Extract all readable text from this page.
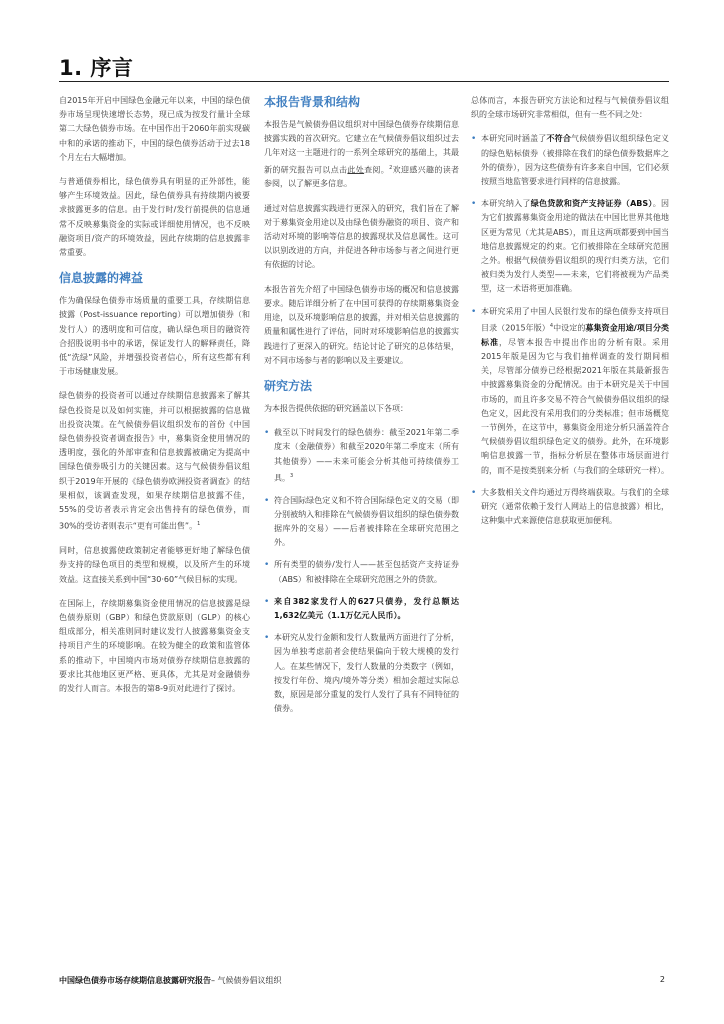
1. 序言

自2015年开启中国绿色金融元年以来，中国的绿色债券市场呈现快速增长态势，现已成为按发行量计全球第二大绿色债券市场。在中国作出于2060年前实现碳中和的承诺的推动下，中国的绿色债券活动于过去18个月左右大幅增加。

与普通债券相比，绿色债券具有明显的正外部性，能够产生环境效益。因此，绿色债券具有持续期内被要求披露更多的信息。由于发行时/发行前提供的信息通常不反映募集资金的实际或详细使用情况，也不反映融资项目/资产的环境效益，因此存续期的信息披露非常重要。

信息披露的裨益

作为确保绿色债券市场质量的重要工具，存续期信息披露（Post-issuance reporting）可以增加债券（和发行人）的透明度和可信度，确认绿色项目的融资符合招股说明书中的承诺，保证发行人的解释责任，降低“洗绿”风险，并增强投资者信心，所有这些都有利于市场健康发展。

绿色债券的投资者可以通过存续期信息披露来了解其绿色投资是以及如何实施，并可以根据披露的信息做出投资决策。在气候债券倡议组织发布的首份《中国绿色债券投资者调查报告》中，募集资金使用情况的透明度，强化的外部审查和信息披露被确定为提高中国绿色债券吸引力的关键因素。这与气候债券倡议组织于2019年开展的《绿色债券欧洲投资者调查》的结果相似，该调查发现，如果存续期信息披露不佳，55%的受访者表示肯定会出售持有的绿色债券，而30%的受访者则表示“更有可能出售”。$^1$

同时，信息披露使政策制定者能够更好地了解绿色债券支持的绿色项目的类型和规模，以及所产生的环境效益。这直接关系到中国“30·60”气候目标的实现。

在国际上，存续期募集资金使用情况的信息披露是绿色债券原则（GBP）和绿色贷款原则（GLP）的核心组成部分，相关准则同时建议发行人披露募集资金支持项目产生的环境影响。在较为健全的政策和监管体系的推动下，中国境内市场对债券存续期信息披露的要求比其他地区更严格、更具体，尤其是对金融债券的发行人而言。本报告的第8-9页对此进行了探讨。

本报告背景和结构

本报告是气候债券倡议组织对中国绿色债券存续期信息披露实践的首次研究。它建立在气候债券倡议组织过去几年对这一主题进行的一系列全球研究的基础上，其最新的研究报告可以点击此处查阅。$^2$欢迎感兴趣的读者参阅，以了解更多信息。

通过对信息披露实践进行更深入的研究，我们旨在了解对于募集资金用途以及由绿色债券融资的项目、资产和活动对环境的影响等信息的披露现状及信息属性。这可以识别改进的方向，并促进各种市场参与者之间进行更有依据的讨论。

本报告首先介绍了中国绿色债券市场的概况和信息披露要求。随后详细分析了在中国可获得的存续期募集资金用途，以及环境影响信息的披露，并对相关信息披露的质量和属性进行了评估，同时对环境影响信息的披露实践进行了更深入的研究。结论讨论了研究的总体结果，对不同市场参与者的影响以及主要建议。

研究方法

为本报告提供依据的研究涵盖以下各项：

• 截至以下时间发行的绿色债券：截至2021年第二季度末（金融债券）和截至2020年第二季度末（所有其他债券）——未来可能会分析其他可持续债券工具。$^3$
• 符合国际绿色定义和不符合国际绿色定义的交易（即分别被纳入和排除在气候债券倡议组织的绿色债券数据库外的交易）——后者被排除在全球研究范围之外。
• 所有类型的债券/发行人——甚至包括资产支持证券（ABS）和被排除在全球研究范围之外的贷款。
• 来自382家发行人的627只债券，发行总额达1,632亿美元（1.1万亿元人民币）。
• 本研究从发行金额和发行人数量两方面进行了分析，因为单独考虑前者会使结果偏向于较大规模的发行人。在某些情况下，发行人数量的分类数字（例如，按发行年份、境内/境外等分类）相加会超过实际总数，原因是部分重复的发行人发行了具有不同特征的债券。

总体而言，本报告研究方法论和过程与气候债券倡议组织的全球市场研究非常相似，但有一些不同之处：

• 本研究同时涵盖了不符合气候债券倡议组织绿色定义的绿色贴标债券（被排除在我们的绿色债券数据库之外的债券），因为这些债券有许多来自中国，它们必须按照当地监管要求进行同样的信息披露。
• 本研究纳入了绿色贷款和资产支持证券（ABS）。因为它们披露募集资金用途的做法在中国比世界其他地区更为常见（尤其是ABS），而且这两项都要到中国当地信息披露规定的约束。它们被排除在全球研究范围之外。根据气候债券倡议组织的现行归类方法，它们被归类为发行人类型——未来，它们将被视为产品类型，这一术语将更加准确。
• 本研究采用了中国人民银行发布的绿色债券支持项目目录（2015年版）$^4$中设定的募集资金用途/项目分类标准，尽管本报告中提出作出的分析有限。采用2015年版是因为它与我们抽样调查的发行期间相关，尽管部分债券已经根据2021年版在其最新报告中披露募集资金的分配情况。由于本研究是关于中国市场的，而且许多交易不符合气候债券倡议组织的绿色定义，因此没有采用我们的分类标准；但市场概览一节例外，在这节中，募集资金用途分析只涵盖符合气候债券倡议组织绿色定义的债券。此外，在环境影响信息披露一节，指标分析层在整体市场层面进行的，而不是按类别来分析（与我们的全球研究一样）。
• 大多数相关文件均通过万得终端获取。与我们的全球研究（通常依赖于发行人网站上的信息披露）相比，这种集中式来源使信息获取更加便利。
中国绿色债券市场存续期信息披露研究报告– 气候债券倡议组织	2
